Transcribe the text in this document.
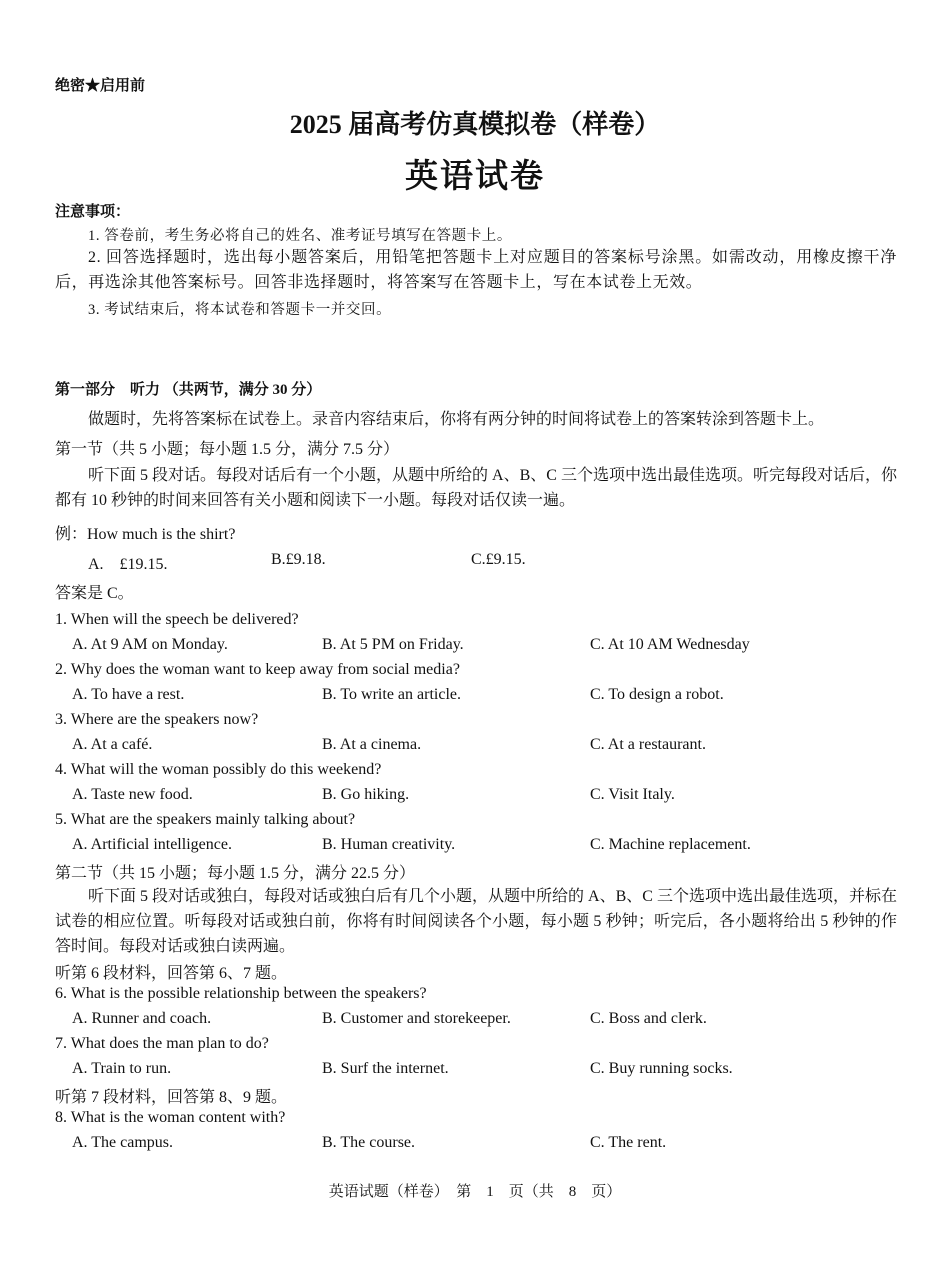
绝密★启用前
2025 届高考仿真模拟卷（样卷）
英语试卷
注意事项：
1. 答卷前，考生务必将自己的姓名、准考证号填写在答题卡上。
2. 回答选择题时，选出每小题答案后，用铅笔把答题卡上对应题目的答案标号涂黑。如需改动，用橡皮擦干净后，再选涂其他答案标号。回答非选择题时，将答案写在答题卡上，写在本试卷上无效。
3. 考试结束后，将本试卷和答题卡一并交回。
第一部分　听力 （共两节，满分 30 分）
做题时，先将答案标在试卷上。录音内容结束后，你将有两分钟的时间将试卷上的答案转涂到答题卡上。
第一节（共 5 小题；每小题 1.5 分，满分 7.5 分）
听下面 5 段对话。每段对话后有一个小题，从题中所给的 A、B、C 三个选项中选出最佳选项。听完每段对话后，你都有 10 秒钟的时间来回答有关小题和阅读下一小题。每段对话仅读一遍。
例：How much is the shirt?
A.　£19.15.	B.£9.18.	C.£9.15.
答案是 C。
1. When will the speech be delivered?
A. At 9 AM on Monday.	B. At 5 PM on Friday.	C. At 10 AM Wednesday
2. Why does the woman want to keep away from social media?
A. To have a rest.	B. To write an article.	C. To design a robot.
3. Where are the speakers now?
A. At a café.	B. At a cinema.	C. At a restaurant.
4. What will the woman possibly do this weekend?
A. Taste new food.	B. Go hiking.	C. Visit Italy.
5. What are the speakers mainly talking about?
A. Artificial intelligence.	B. Human creativity.	C. Machine replacement.
第二节（共 15 小题；每小题 1.5 分，满分 22.5 分）
听下面 5 段对话或独白，每段对话或独白后有几个小题，从题中所给的 A、B、C 三个选项中选出最佳选项，并标在试卷的相应位置。听每段对话或独白前，你将有时间阅读各个小题，每小题 5 秒钟；听完后，各小题将给出 5 秒钟的作答时间。每段对话或独白读两遍。
听第 6 段材料，回答第 6、7 题。
6. What is the possible relationship between the speakers?
A. Runner and coach.	B. Customer and storekeeper.	C. Boss and clerk.
7. What does the man plan to do?
A. Train to run.	B. Surf the internet.	C. Buy running socks.
听第 7 段材料，回答第 8、9 题。
8. What is the woman content with?
A. The campus.	B. The course.	C. The rent.
英语试题（样卷）　第　1　页（共　8　页）
